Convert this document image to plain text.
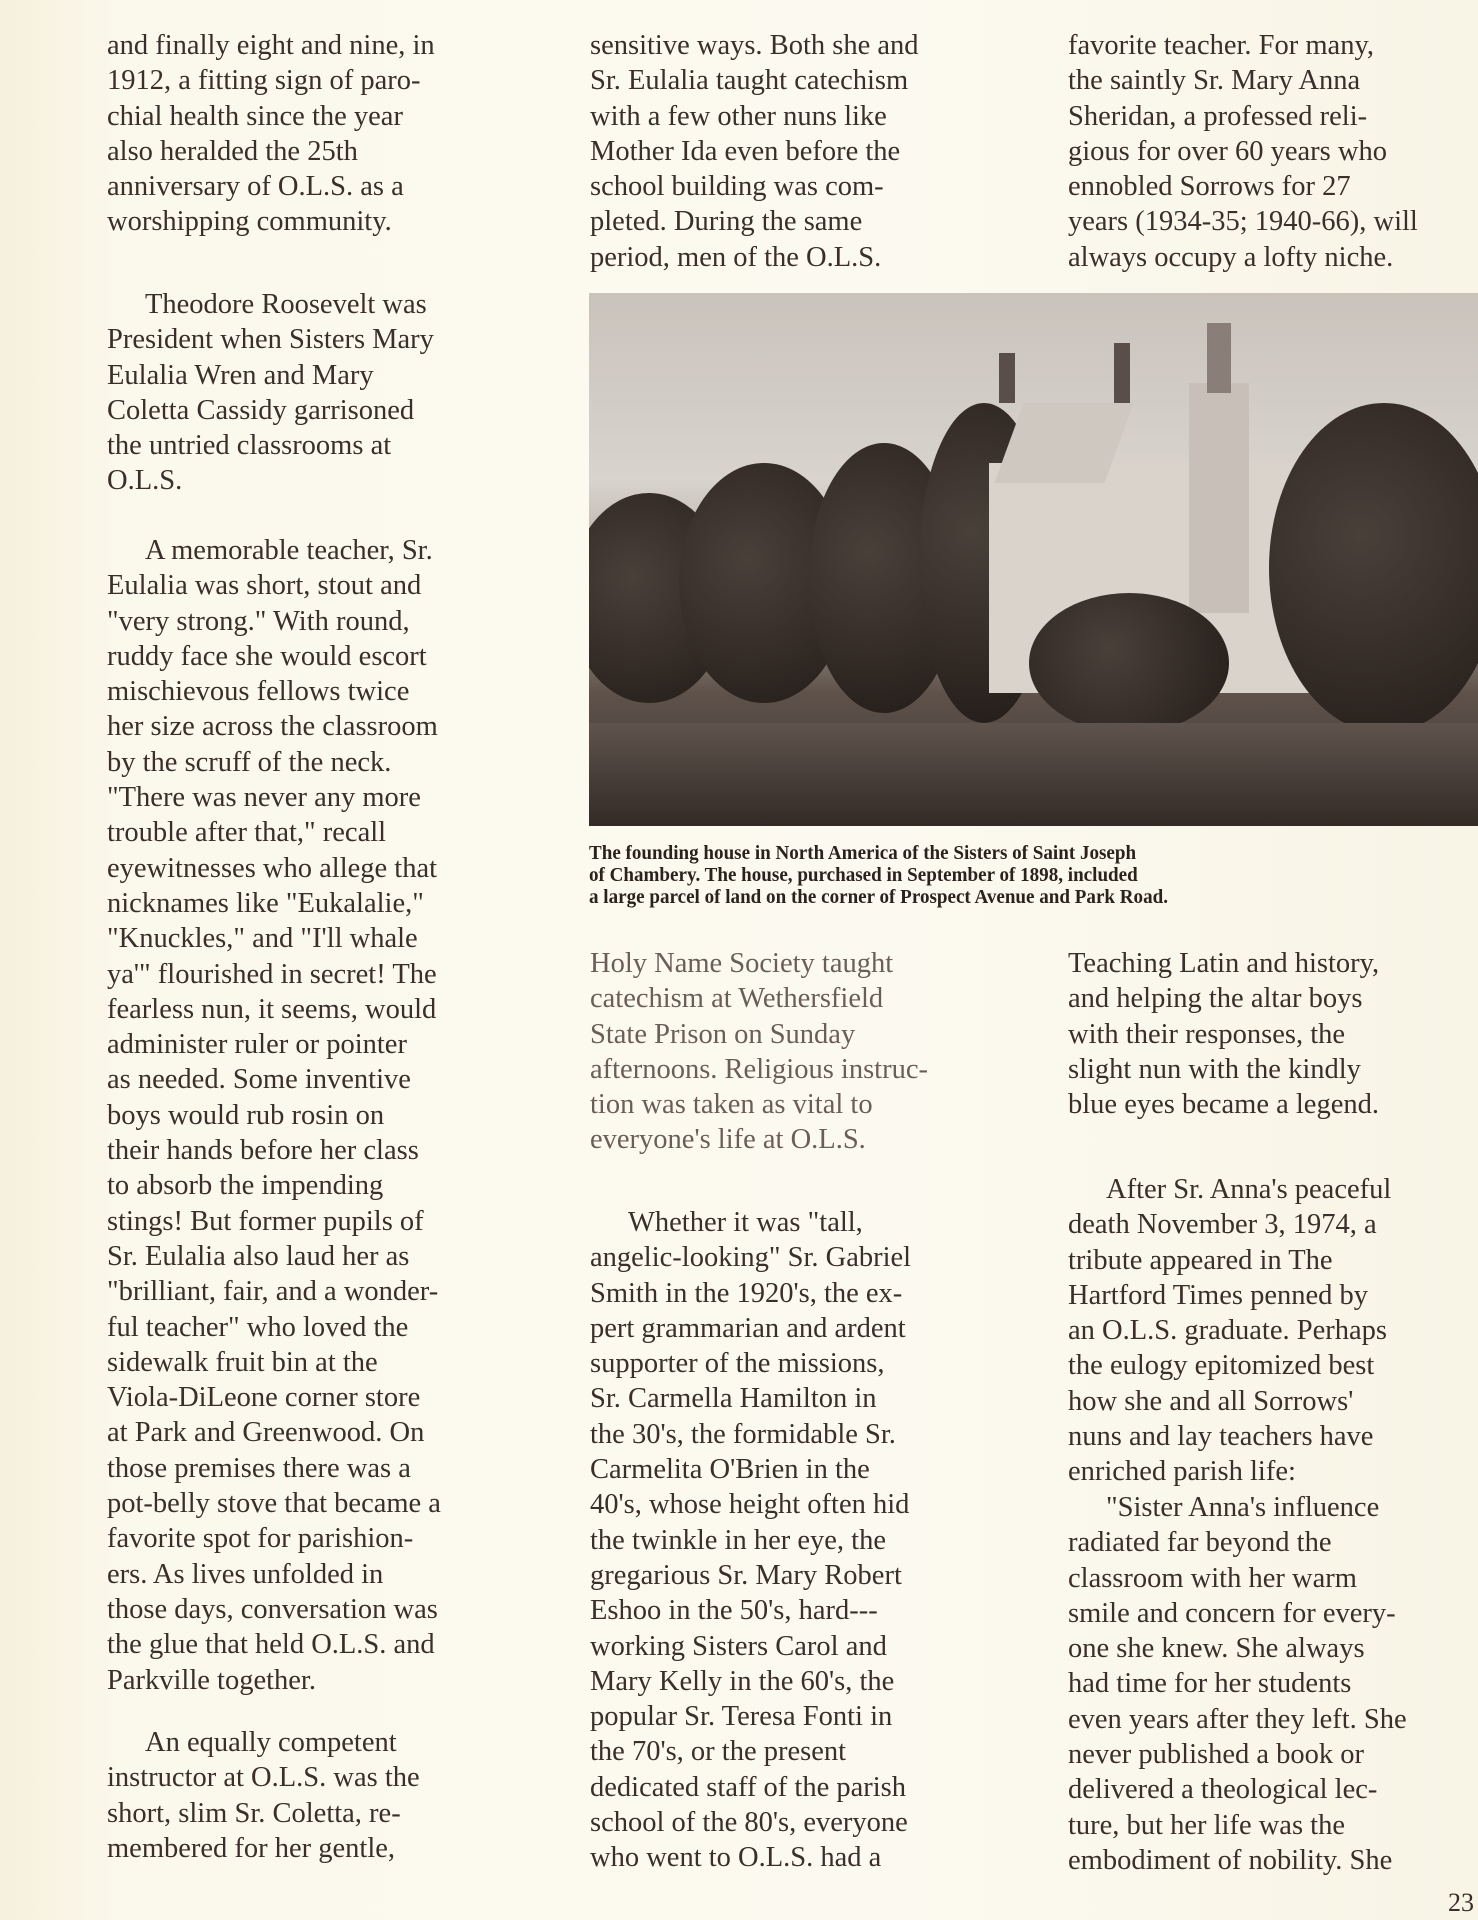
and finally eight and nine, in
1912, a fitting sign of paro-
chial health since the year
also heralded the 25th
anniversary of O.L.S. as a
worshipping community.
Theodore Roosevelt was
President when Sisters Mary
Eulalia Wren and Mary
Coletta Cassidy garrisoned
the untried classrooms at
O.L.S.
A memorable teacher, Sr.
Eulalia was short, stout and
"very strong." With round,
ruddy face she would escort
mischievous fellows twice
her size across the classroom
by the scruff of the neck.
"There was never any more
trouble after that," recall
eyewitnesses who allege that
nicknames like "Eukalalie,"
"Knuckles," and "I'll whale
ya'" flourished in secret! The
fearless nun, it seems, would
administer ruler or pointer
as needed. Some inventive
boys would rub rosin on
their hands before her class
to absorb the impending
stings! But former pupils of
Sr. Eulalia also laud her as
"brilliant, fair, and a wonder-
ful teacher" who loved the
sidewalk fruit bin at the
Viola-DiLeone corner store
at Park and Greenwood. On
those premises there was a
pot-belly stove that became a
favorite spot for parishion-
ers. As lives unfolded in
those days, conversation was
the glue that held O.L.S. and
Parkville together.
An equally competent
instructor at O.L.S. was the
short, slim Sr. Coletta, re-
membered for her gentle,
sensitive ways. Both she and
Sr. Eulalia taught catechism
with a few other nuns like
Mother Ida even before the
school building was com-
pleted. During the same
period, men of the O.L.S.
Holy Name Society taught
catechism at Wethersfield
State Prison on Sunday
afternoons. Religious instruc-
tion was taken as vital to
everyone's life at O.L.S.
Whether it was "tall,
angelic-looking" Sr. Gabriel
Smith in the 1920's, the ex-
pert grammarian and ardent
supporter of the missions,
Sr. Carmella Hamilton in
the 30's, the formidable Sr.
Carmelita O'Brien in the
40's, whose height often hid
the twinkle in her eye, the
gregarious Sr. Mary Robert
Eshoo in the 50's, hard---
working Sisters Carol and
Mary Kelly in the 60's, the
popular Sr. Teresa Fonti in
the 70's, or the present
dedicated staff of the parish
school of the 80's, everyone
who went to O.L.S. had a
favorite teacher. For many,
the saintly Sr. Mary Anna
Sheridan, a professed reli-
gious for over 60 years who
ennobled Sorrows for 27
years (1934-35; 1940-66), will
always occupy a lofty niche.
Teaching Latin and history,
and helping the altar boys
with their responses, the
slight nun with the kindly
blue eyes became a legend.
After Sr. Anna's peaceful
death November 3, 1974, a
tribute appeared in The
Hartford Times penned by
an O.L.S. graduate. Perhaps
the eulogy epitomized best
how she and all Sorrows'
nuns and lay teachers have
enriched parish life:
"Sister Anna's influence
radiated far beyond the
classroom with her warm
smile and concern for every-
one she knew. She always
had time for her students
even years after they left. She
never published a book or
delivered a theological lec-
ture, but her life was the
embodiment of nobility. She
The founding house in North America of the Sisters of Saint Joseph
of Chambery. The house, purchased in September of 1898, included
a large parcel of land on the corner of Prospect Avenue and Park Road.
23
